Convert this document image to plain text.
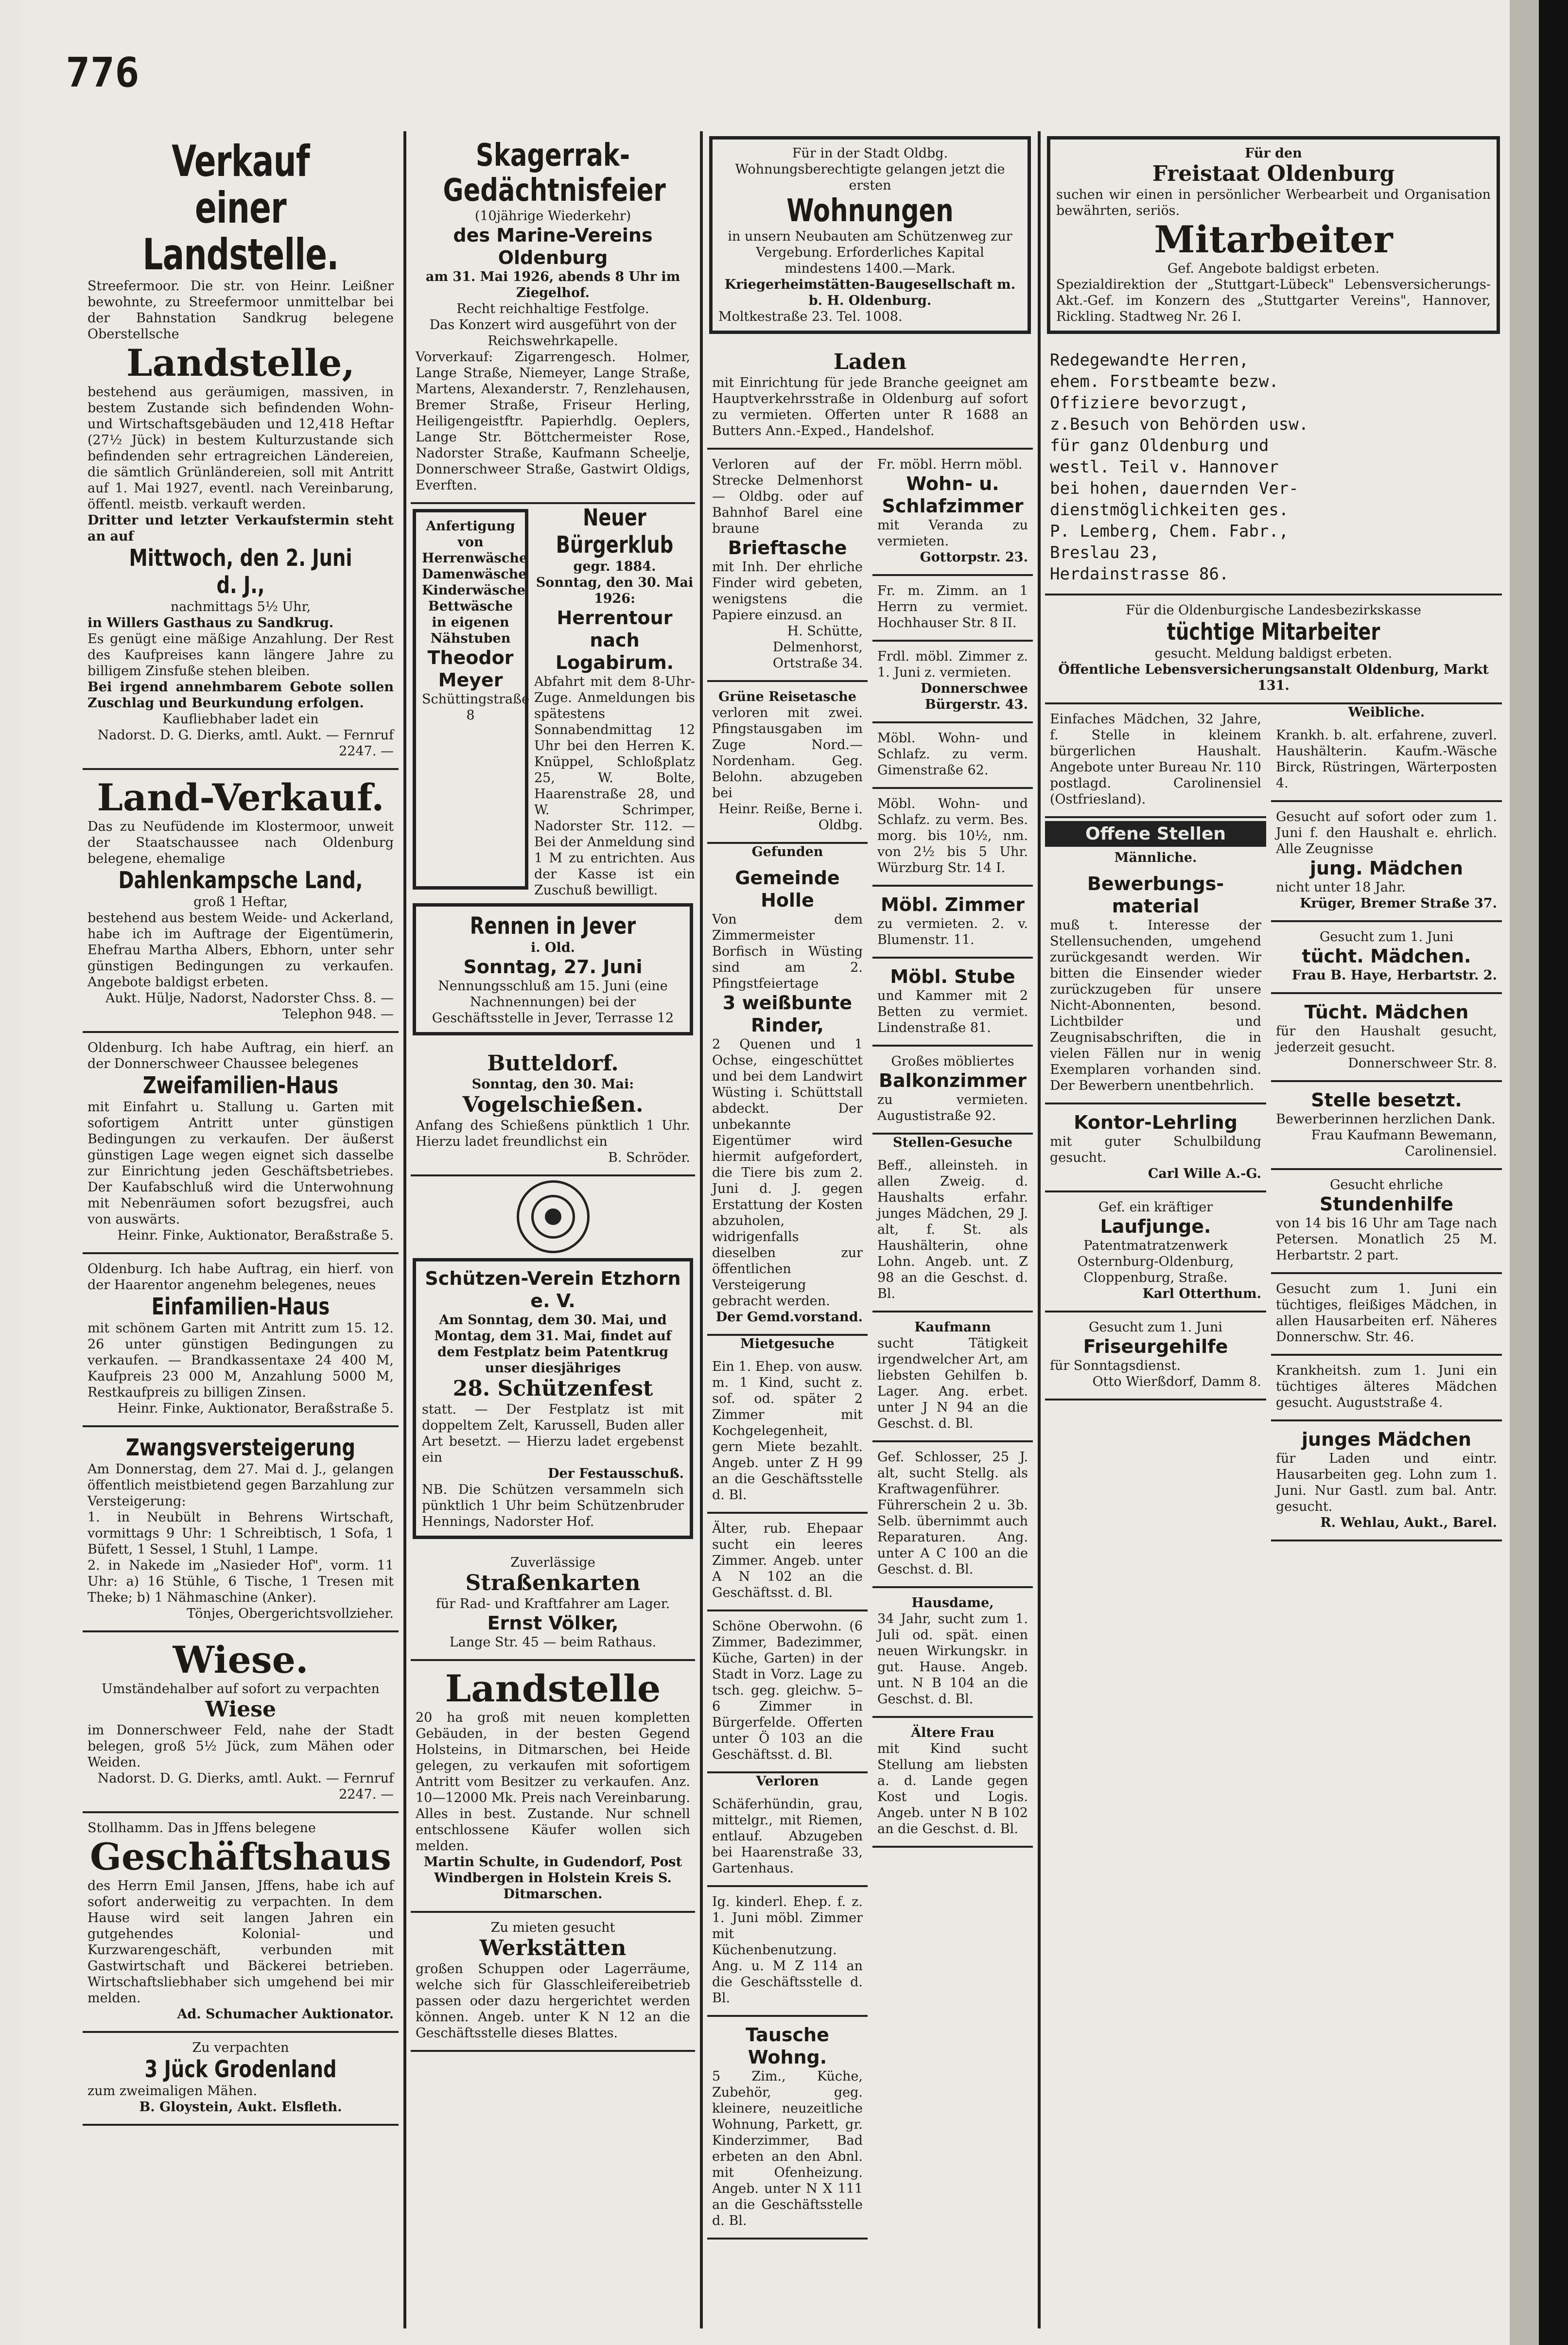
776
Verkauf einer Landstelle.
Streefermoor. Die str. von Heinr. Leißner bewohnte, zu Streefermoor unmittelbar bei der Bahnstation Sandkrug belegene Oberstellsche
Landstelle,
bestehend aus geräumigen, massiven, in bestem Zustande sich befindenden Wohn- und Wirtschaftsgebäuden und 12,418 Heftar (27½ Jück) in bestem Kulturzustande sich befindenden sehr ertragreichen Ländereien, die sämtlich Grünländereien, soll mit Antritt auf 1. Mai 1927, eventl. nach Vereinbarung, öffentl. meistb. verkauft werden.
Dritter und letzter Verkaufstermin steht an auf
Mittwoch, den 2. Juni d. J.,
nachmittags 5½ Uhr,
in Willers Gasthaus zu Sandkrug.
Es genügt eine mäßige Anzahlung. Der Rest des Kaufpreises kann längere Jahre zu billigem Zinsfuße stehen bleiben.
Bei irgend annehmbarem Gebote sollen Zuschlag und Beurkundung erfolgen.
Kaufliebhaber ladet ein
Nadorst. D. G. Dierks, amtl. Aukt. — Fernruf 2247. —
Land-Verkauf.
Das zu Neufüdende im Klostermoor, unweit der Staatschaussee nach Oldenburg belegene, ehemalige
Dahlenkampsche Land,
groß 1 Heftar,
bestehend aus bestem Weide- und Ackerland, habe ich im Auftrage der Eigentümerin, Ehefrau Martha Albers, Ebhorn, unter sehr günstigen Bedingungen zu verkaufen. Angebote baldigst erbeten.
Aukt. Hülje, Nadorst, Nadorster Chss. 8. — Telephon 948. —
Oldenburg. Ich habe Auftrag, ein hierf. an der Donnerschweer Chaussee belegenes
Zweifamilien-Haus
mit Einfahrt u. Stallung u. Garten mit sofortigem Antritt unter günstigen Bedingungen zu verkaufen. Der äußerst günstigen Lage wegen eignet sich dasselbe zur Einrichtung jeden Geschäftsbetriebes. Der Kaufabschluß wird die Unterwohnung mit Nebenräumen sofort bezugsfrei, auch von auswärts.
Heinr. Finke, Auktionator, Beraßstraße 5.
Oldenburg. Ich habe Auftrag, ein hierf. von der Haarentor angenehm belegenes, neues
Einfamilien-Haus
mit schönem Garten mit Antritt zum 15. 12. 26 unter günstigen Bedingungen zu verkaufen. — Brandkassentaxe 24 400 M, Kaufpreis 23 000 M, Anzahlung 5000 M, Restkaufpreis zu billigen Zinsen.
Heinr. Finke, Auktionator, Beraßstraße 5.
Zwangsversteigerung
Am Donnerstag, dem 27. Mai d. J., gelangen öffentlich meistbietend gegen Barzahlung zur Versteigerung:
1. in Neubült in Behrens Wirtschaft, vormittags 9 Uhr: 1 Schreibtisch, 1 Sofa, 1 Büfett, 1 Sessel, 1 Stuhl, 1 Lampe.
2. in Nakede im „Nasieder Hof", vorm. 11 Uhr: a) 16 Stühle, 6 Tische, 1 Tresen mit Theke; b) 1 Nähmaschine (Anker).
Tönjes, Obergerichtsvollzieher.
Wiese.
Umständehalber auf sofort zu verpachten
Wiese
im Donnerschweer Feld, nahe der Stadt belegen, groß 5½ Jück, zum Mähen oder Weiden.
Nadorst. D. G. Dierks, amtl. Aukt. — Fernruf 2247. —
Stollhamm. Das in Jffens belegene
Geschäftshaus
des Herrn Emil Jansen, Jffens, habe ich auf sofort anderweitig zu verpachten. In dem Hause wird seit langen Jahren ein gutgehendes Kolonial- und Kurzwarengeschäft, verbunden mit Gastwirtschaft und Bäckerei betrieben. Wirtschaftsliebhaber sich umgehend bei mir melden.
Ad. Schumacher Auktionator.
Zu verpachten
3 Jück Grodenland
zum zweimaligen Mähen.
B. Gloystein, Aukt. Elsfleth.
Skagerrak-Gedächtnisfeier
(10jährige Wiederkehr)
des Marine-Vereins Oldenburg
am 31. Mai 1926, abends 8 Uhr im Ziegelhof.
Recht reichhaltige Festfolge.
Das Konzert wird ausgeführt von der Reichswehrkapelle.
Vorverkauf: Zigarrengesch. Holmer, Lange Straße, Niemeyer, Lange Straße, Martens, Alexanderstr. 7, Renzlehausen, Bremer Straße, Friseur Herling, Heiligengeistftr. Papierhdlg. Oeplers, Lange Str. Böttchermeister Rose, Nadorster Straße, Kaufmann Scheelje, Donnerschweer Straße, Gastwirt Oldigs, Everften.
Anfertigung
von
Herrenwäsche
Damenwäsche
Kinderwäsche
Bettwäsche
in eigenen
Nähstuben
Theodor Meyer
Schüttingstraße 8
Neuer Bürgerklub
gegr. 1884.
Sonntag, den 30. Mai 1926:
Herrentour nach Logabirum.
Abfahrt mit dem 8-Uhr-Zuge. Anmeldungen bis spätestens Sonnabendmittag 12 Uhr bei den Herren K. Knüppel, Schloßplatz 25, W. Bolte, Haarenstraße 28, und W. Schrimper, Nadorster Str. 112. — Bei der Anmeldung sind 1 M zu entrichten. Aus der Kasse ist ein Zuschuß bewilligt.
Rennen in Jever
i. Old.
Sonntag, 27. Juni
Nennungsschluß am 15. Juni (eine Nachnennungen) bei der Geschäftsstelle in Jever, Terrasse 12
Butteldorf.
Sonntag, den 30. Mai:
Vogelschießen.
Anfang des Schießens pünktlich 1 Uhr. Hierzu ladet freundlichst ein
B. Schröder.
Schützen-Verein Etzhorn e. V.
Am Sonntag, dem 30. Mai, und Montag, dem 31. Mai, findet auf dem Festplatz beim Patentkrug unser diesjähriges
28. Schützenfest
statt. — Der Festplatz ist mit doppeltem Zelt, Karussell, Buden aller Art besetzt. — Hierzu ladet ergebenst ein
Der Festausschuß.
NB. Die Schützen versammeln sich pünktlich 1 Uhr beim Schützenbruder Hennings, Nadorster Hof.
Zuverlässige
Straßenkarten
für Rad- und Kraftfahrer am Lager.
Ernst Völker,
Lange Str. 45 — beim Rathaus.
Landstelle
20 ha groß mit neuen kompletten Gebäuden, in der besten Gegend Holsteins, in Ditmarschen, bei Heide gelegen, zu verkaufen mit sofortigem Antritt vom Besitzer zu verkaufen. Anz. 10—12000 Mk. Preis nach Vereinbarung. Alles in best. Zustande. Nur schnell entschlossene Käufer wollen sich melden.
Martin Schulte, in Gudendorf, Post Windbergen in Holstein Kreis S. Ditmarschen.
Zu mieten gesucht
Werkstätten
großen Schuppen oder Lagerräume, welche sich für Glasschleifereibetrieb passen oder dazu hergerichtet werden können. Angeb. unter K N 12 an die Geschäftsstelle dieses Blattes.
Für in der Stadt Oldbg. Wohnungsberechtigte gelangen jetzt die ersten
Wohnungen
in unsern Neubauten am Schützenweg zur Vergebung. Erforderliches Kapital mindestens 1400.—Mark.
Kriegerheimstätten-Baugesellschaft m. b. H. Oldenburg.
Moltkestraße 23. Tel. 1008.
Laden
mit Einrichtung für jede Branche geeignet am Hauptverkehrsstraße in Oldenburg auf sofort zu vermieten. Offerten unter R 1688 an Butters Ann.-Exped., Handelshof.
Verloren auf der Strecke Delmenhorst — Oldbg. oder auf Bahnhof Barel eine braune
Brieftasche
mit Inh. Der ehrliche Finder wird gebeten, wenigstens die Papiere einzusd. an
H. Schütte, Delmenhorst, Ortstraße 34.
Grüne Reisetasche
verloren mit zwei. Pfingstausgaben im Zuge Nord.—Nordenham. Geg. Belohn. abzugeben bei
Heinr. Reiße, Berne i. Oldbg.
Gefunden
Gemeinde Holle
Von dem Zimmermeister Borfisch in Wüsting sind am 2. Pfingstfeiertage
3 weißbunte Rinder,
2 Quenen und 1 Ochse, eingeschüttet und bei dem Landwirt Wüsting i. Schüttstall abdeckt. Der unbekannte Eigentümer wird hiermit aufgefordert, die Tiere bis zum 2. Juni d. J. gegen Erstattung der Kosten abzuholen, widrigenfalls dieselben zur öffentlichen Versteigerung gebracht werden.
Der Gemd.vorstand.
Mietgesuche
Ein 1. Ehep. von ausw. m. 1 Kind, sucht z. sof. od. später 2 Zimmer mit Kochgelegenheit, gern Miete bezahlt. Angeb. unter Z H 99 an die Geschäftsstelle d. Bl.
Älter, rub. Ehepaar sucht ein leeres Zimmer. Angeb. unter A N 102 an die Geschäftsst. d. Bl.
Schöne Oberwohn. (6 Zimmer, Badezimmer, Küche, Garten) in der Stadt in Vorz. Lage zu tsch. geg. gleichw. 5–6 Zimmer in Bürgerfelde. Offerten unter Ö 103 an die Geschäftsst. d. Bl.
Verloren
Schäferhündin, grau, mittelgr., mit Riemen, entlauf. Abzugeben bei Haarenstraße 33, Gartenhaus.
Ig. kinderl. Ehep. f. z. 1. Juni möbl. Zimmer mit Küchenbenutzung. Ang. u. M Z 114 an die Geschäftsstelle d. Bl.
Tausche Wohng.
5 Zim., Küche, Zubehör, geg. kleinere, neuzeitliche Wohnung, Parkett, gr. Kinderzimmer, Bad erbeten an den Abnl. mit Ofenheizung. Angeb. unter N X 111 an die Geschäftsstelle d. Bl.
Fr. möbl. Herrn möbl.
Wohn- u. Schlafzimmer
mit Veranda zu vermieten.
Gottorpstr. 23.
Fr. m. Zimm. an 1 Herrn zu vermiet. Hochhauser Str. 8 II.
Frdl. möbl. Zimmer z. 1. Juni z. vermieten.
Donnerschwee Bürgerstr. 43.
Möbl. Wohn- und Schlafz. zu verm. Gimenstraße 62.
Möbl. Wohn- und Schlafz. zu verm. Bes. morg. bis 10½, nm. von 2½ bis 5 Uhr. Würzburg Str. 14 I.
Möbl. Zimmer
zu vermieten. 2. v. Blumenstr. 11.
Möbl. Stube
und Kammer mit 2 Betten zu vermiet. Lindenstraße 81.
Großes möbliertes
Balkonzimmer
zu vermieten. Augustistraße 92.
Stellen-Gesuche
Beff., alleinsteh. in allen Zweig. d. Haushalts erfahr. junges Mädchen, 29 J. alt, f. St. als Haushälterin, ohne Lohn. Angeb. unt. Z 98 an die Geschst. d. Bl.
Kaufmann
sucht Tätigkeit irgendwelcher Art, am liebsten Gehilfen b. Lager. Ang. erbet. unter J N 94 an die Geschst. d. Bl.
Gef. Schlosser, 25 J. alt, sucht Stellg. als Kraftwagenführer. Führerschein 2 u. 3b. Selb. übernimmt auch Reparaturen. Ang. unter A C 100 an die Geschst. d. Bl.
Hausdame,
34 Jahr, sucht zum 1. Juli od. spät. einen neuen Wirkungskr. in gut. Hause. Angeb. unt. N B 104 an die Geschst. d. Bl.
Ältere Frau
mit Kind sucht Stellung am liebsten a. d. Lande gegen Kost und Logis. Angeb. unter N B 102 an die Geschst. d. Bl.
Für den
Freistaat Oldenburg
suchen wir einen in persönlicher Werbearbeit und Organisation bewährten, seriös.
Mitarbeiter
Gef. Angebote baldigst erbeten.
Spezialdirektion der „Stuttgart-Lübeck" Lebensversicherungs-Akt.-Gef. im Konzern des „Stuttgarter Vereins", Hannover, Rickling. Stadtweg Nr. 26 I.
Redegewandte Herren,
ehem. Forstbeamte bezw.
Offiziere bevorzugt,
z.Besuch von Behörden usw.
für ganz Oldenburg und
westl. Teil v. Hannover
bei hohen, dauernden Ver-
dienstmöglichkeiten ges.
P. Lemberg, Chem. Fabr.,
Breslau 23,
Herdainstrasse 86.
Für die Oldenburgische Landesbezirkskasse
tüchtige Mitarbeiter
gesucht. Meldung baldigst erbeten.
Öffentliche Lebensversicherungsanstalt Oldenburg, Markt 131.
Einfaches Mädchen, 32 Jahre, f. Stelle in kleinem bürgerlichen Haushalt. Angebote unter Bureau Nr. 110 postlagd. Carolinensiel (Ostfriesland).
Offene Stellen
Männliche.
Bewerbungs-material
muß t. Interesse der Stellensuchenden, umgehend zurückgesandt werden. Wir bitten die Einsender wieder zurückzugeben für unsere Nicht-Abonnenten, besond. Lichtbilder und Zeugnisabschriften, die in vielen Fällen nur in wenig Exemplaren vorhanden sind. Der Bewerbern unentbehrlich.
Kontor-Lehrling
mit guter Schulbildung gesucht.
Carl Wille A.-G.
Gef. ein kräftiger
Laufjunge.
Patentmatratzenwerk Osternburg-Oldenburg, Cloppenburg, Straße.
Karl Otterthum.
Gesucht zum 1. Juni
Friseurgehilfe
für Sonntagsdienst.
Otto Wierßdorf, Damm 8.
Weibliche.
Krankh. b. alt. erfahrene, zuverl. Haushälterin. Kaufm.-Wäsche Birck, Rüstringen, Wärterposten 4.
Gesucht auf sofort oder zum 1. Juni f. den Haushalt e. ehrlich. Alle Zeugnisse
jung. Mädchen
nicht unter 18 Jahr.
Krüger, Bremer Straße 37.
Gesucht zum 1. Juni
tücht. Mädchen.
Frau B. Haye, Herbartstr. 2.
Tücht. Mädchen
für den Haushalt gesucht, jederzeit gesucht.
Donnerschweer Str. 8.
Stelle besetzt.
Bewerberinnen herzlichen Dank.
Frau Kaufmann Bewemann, Carolinensiel.
Gesucht ehrliche
Stundenhilfe
von 14 bis 16 Uhr am Tage nach Petersen. Monatlich 25 M. Herbartstr. 2 part.
Gesucht zum 1. Juni ein tüchtiges, fleißiges Mädchen, in allen Hausarbeiten erf. Näheres Donnerschw. Str. 46.
Krankheitsh. zum 1. Juni ein tüchtiges älteres Mädchen gesucht. Auguststraße 4.
junges Mädchen
für Laden und eintr. Hausarbeiten geg. Lohn zum 1. Juni. Nur Gastl. zum bal. Antr. gesucht.
R. Wehlau, Aukt., Barel.
